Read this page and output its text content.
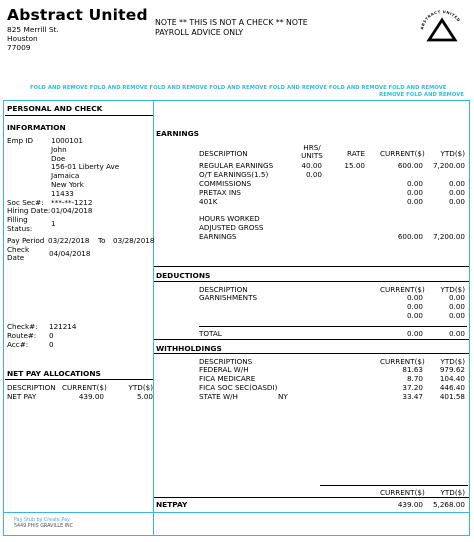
Abstract United
825 Merrill St.
Houston
77009
NOTE ** THIS IS NOT A CHECK ** NOTE
PAYROLL ADVICE ONLY
ABSTRACT UNITED
FOLD AND REMOVE FOLD AND REMOVE FOLD AND REMOVE FOLD AND REMOVE FOLD AND REMOVE FOLD AND REMOVE FOLD AND REMOVE
REMOVE FOLD AND REMOVE
PERSONAL AND CHECK
INFORMATION
Emp ID 1000101
John
Doe
156-01 Liberty Ave
Jamaica
New York
11433
Soc Sec#: ***-**-1212
Hiring Date: 01/04/2018
Filling
Status:
1
Pay Period 03/22/2018 To 03/28/2018
Check
Date	04/04/2018
Check#: 121214
Route#: 0
Acc#:	0
NET PAY ALLOCATIONS
DESCRIPTION CURRENT($)	YTD($)
NET PAY	439.00	5.00
Pay Stub by Create Pay
5449 PHIS GRAVILLE INC
EARNINGS
DESCRIPTION
HRS/
UNITS	RATE CURRENT($)	YTD($)
REGULAR EARNINGS	40.00	15.00	600.00	7,200.00
O/T EARNINGS(1.5)	0.00
COMMISSIONS	0.00	0.00
PRETAX INS	0.00	0.00
401K	0.00	0.00
HOURS WORKED
ADJUSTED GROSS
EARNINGS	600.00	7,200.00
DEDUCTIONS
DESCRIPTION	CURRENT($)	YTD($)
GARNISHMENTS	0.00	0.00
0.00	0.00
0.00	0.00
TOTAL	0.00	0.00
WITHHOLDINGS
DESCRIPTIONS	CURRENT($)	YTD($)
FEDERAL W/H	81.63	979.62
FICA MEDICARE	8.70	104.40
FICA SOC SEC(OASDI)	37.20	446.40
STATE W/H	NY	33.47	401.58
CURRENT($)	YTD($)
NETPAY	439.00	5,268.00
